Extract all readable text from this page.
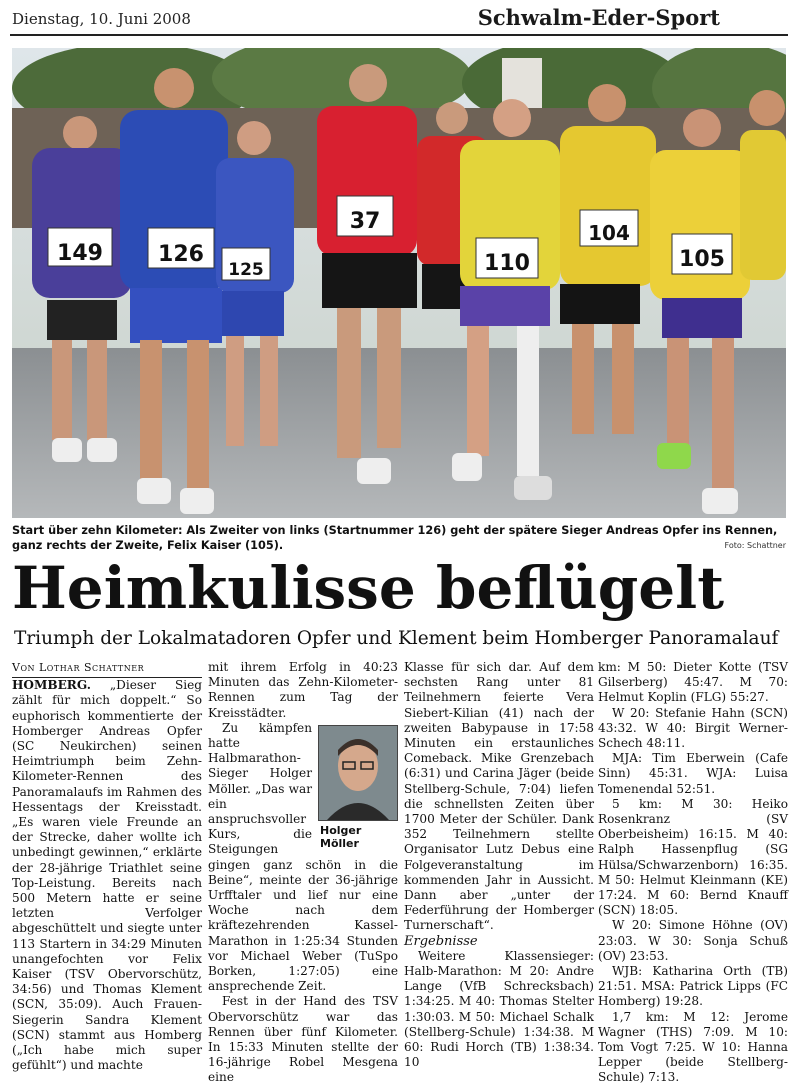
Dienstag, 10. Juni 2008	Schwalm-Eder-Sport
149	126
125
37
110
104
105
Start über zehn Kilometer: Als Zweiter von links (Startnummer 126) geht der spätere Sieger Andreas Opfer ins Rennen, ganz rechts der Zweite, Felix Kaiser (105).	Foto: Schattner
Heimkulisse beflügelt
Triumph der Lokalmatadoren Opfer und Klement beim Homberger Panoramalauf

Von Lothar Schattner

HOMBERG. „Dieser Sieg zählt für mich doppelt.“ So euphorisch kommentierte der Homberger Andreas Opfer (SC Neukirchen) seinen Heimtriumph beim Zehn-Kilometer-Rennen des Panoramalaufs im Rahmen des Hessentags der Kreisstadt. „Es waren viele Freunde an der Strecke, daher wollte ich unbedingt gewinnen,“ erklärte der 28-jährige Triathlet seine Top-Leistung. Bereits nach 500 Metern hatte er seine letzten Verfolger abgeschüttelt und siegte unter 113 Startern in 34:29 Minuten unangefochten vor Felix Kaiser (TSV Obervorschütz, 34:56) und Thomas Klement (SCN, 35:09). Auch Frauen-Siegerin Sandra Klement (SCN) stammt aus Homberg („Ich habe mich super gefühlt“) und machte

mit ihrem Erfolg in 40:23 Minuten das Zehn-Kilometer-Rennen zum Tag der Kreisstädter.

Holger Möller

Zu kämpfen hatte Halbmarathon-Sieger Holger Möller. „Das war ein anspruchsvoller Kurs, die Steigungen gingen ganz schön in die Beine“, meinte der 36-jährige Urfftaler und lief nur eine Woche nach dem kräftezehrenden Kassel-Marathon in 1:25:34 Stunden vor Michael Weber (TuSpo Borken, 1:27:05) eine ansprechende Zeit.

Fest in der Hand des TSV Obervorschütz war das Rennen über fünf Kilometer. In 15:33 Minuten stellte der 16-jährige Robel Mesgena eine

Klasse für sich dar. Auf dem sechsten Rang unter 81 Teilnehmern feierte Vera Siebert-Kilian (41) nach der zweiten Babypause in 17:58 Minuten ein erstaunliches Comeback. Mike Grenzebach (6:31) und Carina Jäger (beide Stellberg-Schule, 7:04) liefen die schnellsten Zeiten über 1700 Meter der Schüler. Dank 352 Teilnehmern stellte Organisator Lutz Debus eine Folgeveranstaltung im kommenden Jahr in Aussicht. Dann aber „unter der Federführung der Homberger Turnerschaft“.

Ergebnisse

Weitere Klassensieger: Halb-Marathon: M 20: Andre Lange (VfB Schrecksbach) 1:34:25. M 40: Thomas Stelter 1:30:03. M 50: Michael Schalk (Stellberg-Schule) 1:34:38. M 60: Rudi Horch (TB) 1:38:34. 10

km: M 50: Dieter Kotte (TSV Gilserberg) 45:47. M 70: Helmut Koplin (FLG) 55:27.

W 20: Stefanie Hahn (SCN) 43:32. W 40: Birgit Werner-Schech 48:11.

MJA: Tim Eberwein (Cafe Sinn) 45:31. WJA: Luisa Tomenendal 52:51.

5 km: M 30: Heiko Rosenkranz (SV Oberbeisheim) 16:15. M 40: Ralph Hassenpflug (SG Hülsa/Schwarzenborn) 16:35. M 50: Helmut Kleinmann (KE) 17:24. M 60: Bernd Knauff (SCN) 18:05.

W 20: Simone Höhne (OV) 23:03. W 30: Sonja Schuß (OV) 23:53.

WJB: Katharina Orth (TB) 21:51. MSA: Patrick Lipps (FC Homberg) 19:28.

1,7 km: M 12: Jerome Wagner (THS) 7:09. M 10: Tom Vogt 7:25. W 10: Hanna Lepper (beide Stellberg-Schule) 7:13.
